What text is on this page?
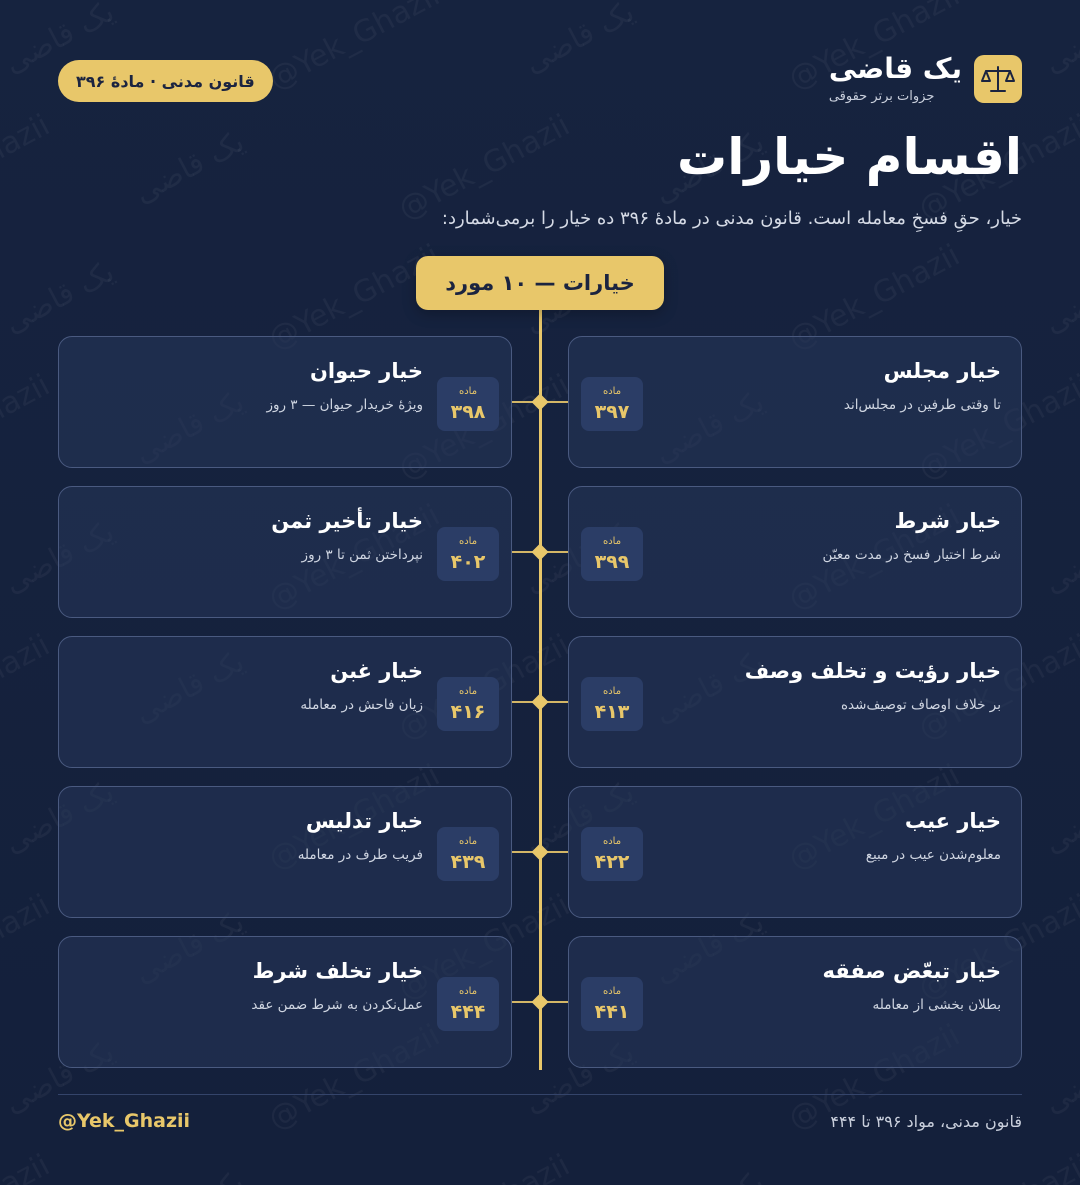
یک قاضی
جزوات برتر حقوقی
قانون مدنی · مادهٔ ۳۹۶
اقسام خیارات
خیار، حقِ فسخِ معامله است. قانون مدنی در مادهٔ ۳۹۶ ده خیار را برمی‌شمارد:
خیارات — ۱۰ مورد
ماده
۳۹۷
خیار مجلس
تا وقتی طرفین در مجلس‌اند
ماده
۳۹۸
خیار حیوان
ویژهٔ خریدار حیوان — ۳ روز
ماده
۳۹۹
خیار شرط
شرط اختیار فسخ در مدت معیّن
ماده
۴۰۲
خیار تأخیر ثمن
نپرداختن ثمن تا ۳ روز
ماده
۴۱۳
خیار رؤیت و تخلف وصف
بر خلاف اوصاف توصیف‌شده
ماده
۴۱۶
خیار غبن
زیان فاحش در معامله
ماده
۴۲۲
خیار عیب
معلوم‌شدن عیب در مبیع
ماده
۴۳۹
خیار تدلیس
فریب طرف در معامله
ماده
۴۴۱
خیار تبعّض صفقه
بطلان بخشی از معامله
ماده
۴۴۴
خیار تخلف شرط
عمل‌نکردن به شرط ضمن عقد
@Yek_Ghazii	قانون مدنی، مواد ۳۹۶ تا ۴۴۴
